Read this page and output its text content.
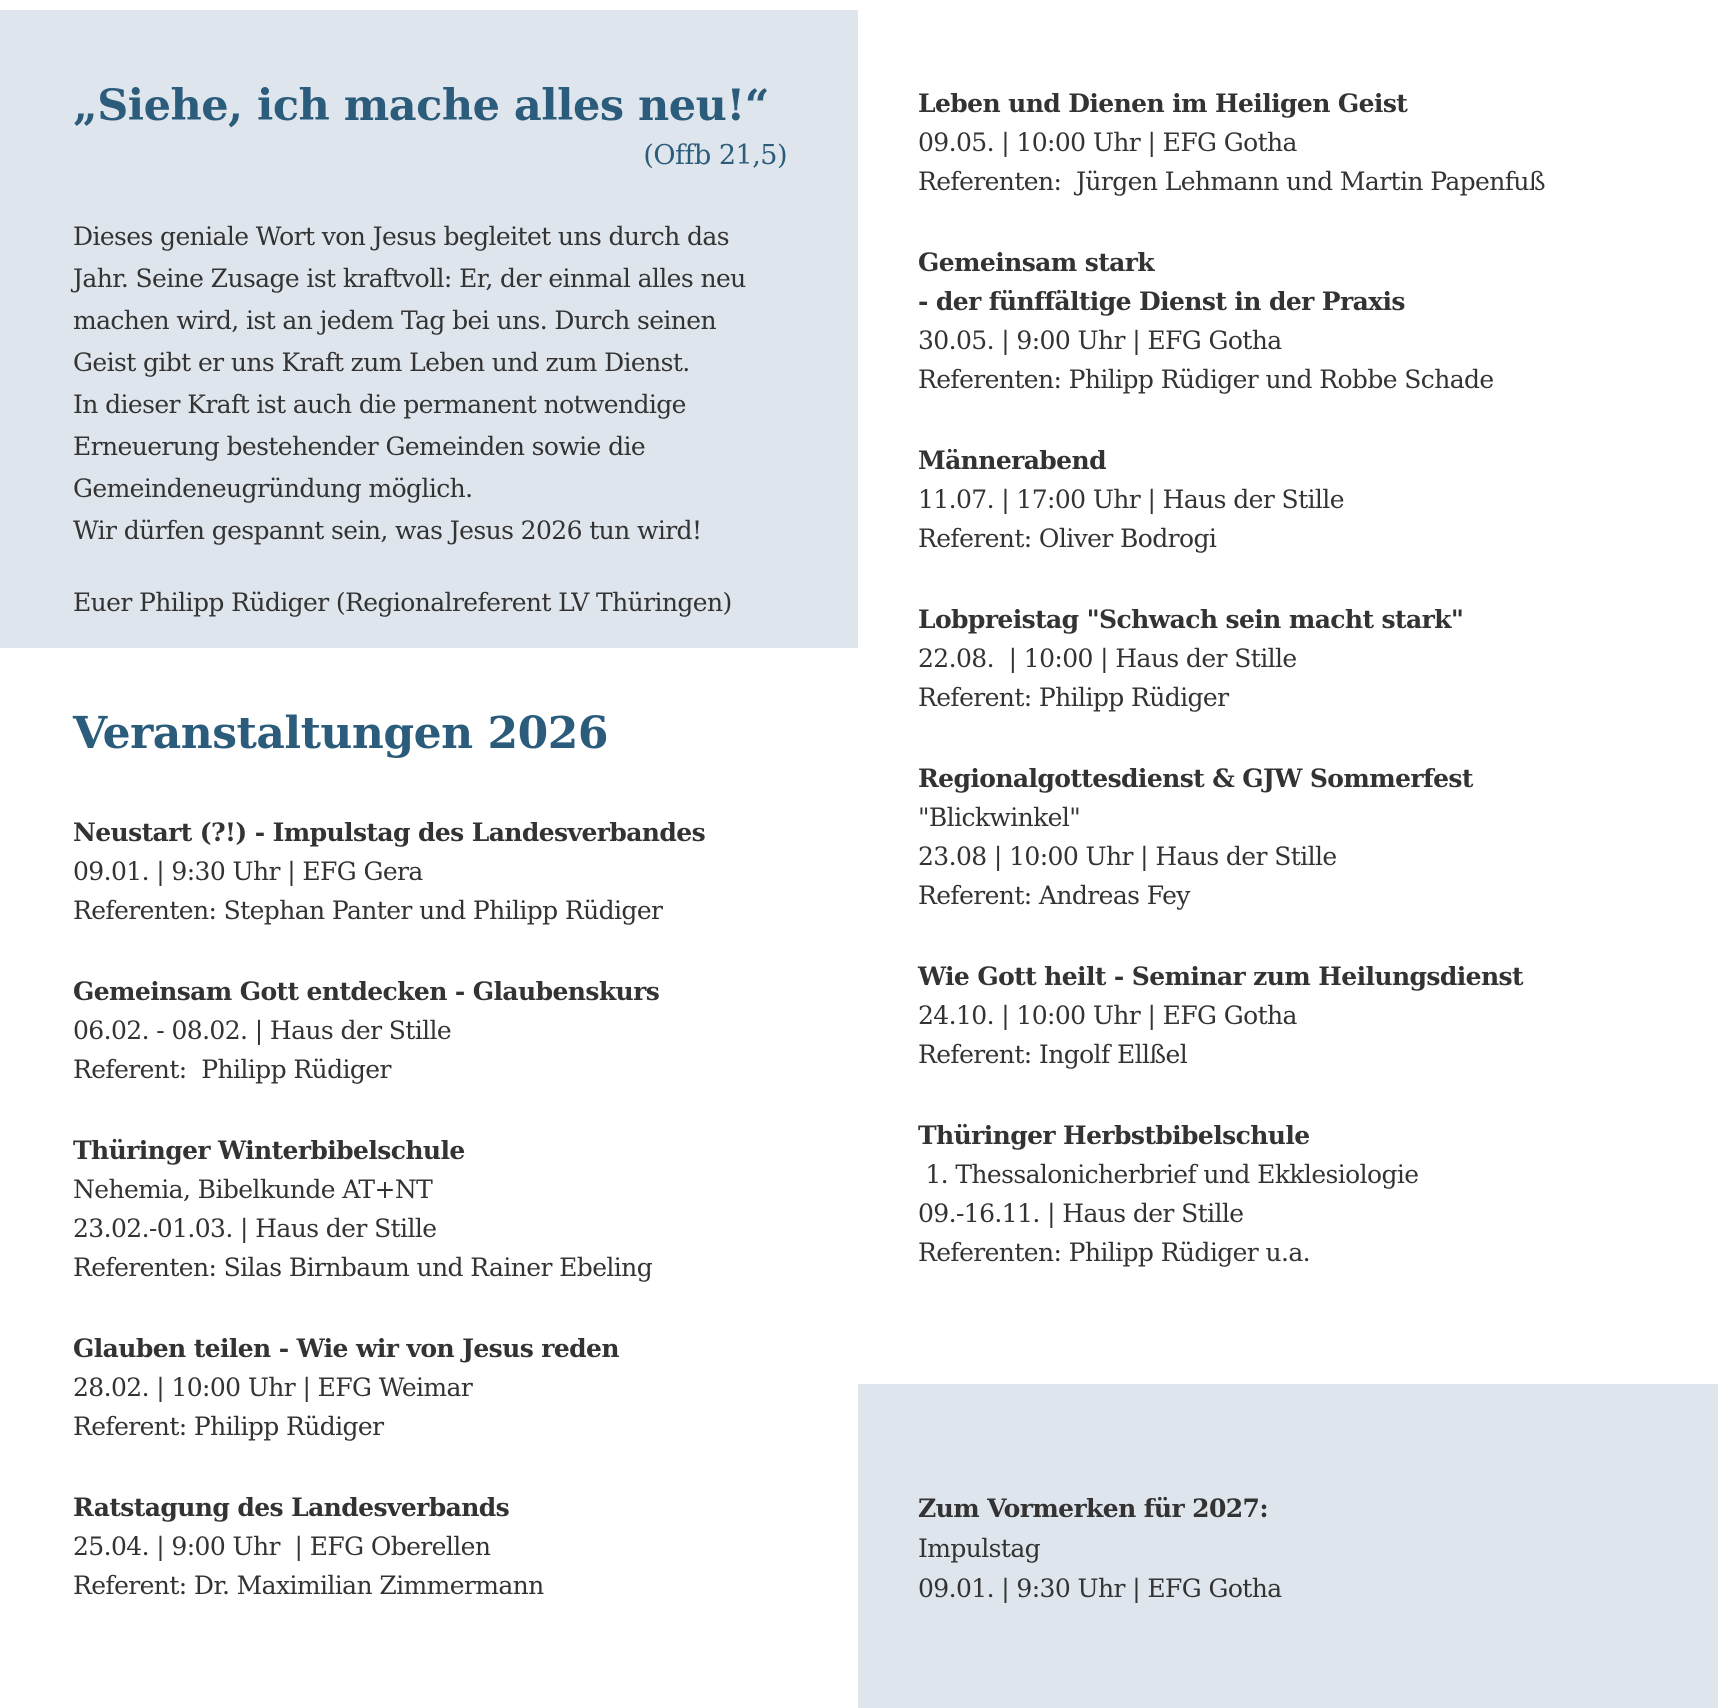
„Siehe, ich mache alles neu!“
(Offb 21,5)
Dieses geniale Wort von Jesus begleitet uns durch das
Jahr. Seine Zusage ist kraftvoll: Er, der einmal alles neu
machen wird, ist an jedem Tag bei uns. Durch seinen
Geist gibt er uns Kraft zum Leben und zum Dienst.
In dieser Kraft ist auch die permanent notwendige
Erneuerung bestehender Gemeinden sowie die
Gemeindeneugründung möglich.
Wir dürfen gespannt sein, was Jesus 2026 tun wird!
Euer Philipp Rüdiger (Regionalreferent LV Thüringen)
Veranstaltungen 2026
Neustart (?!) - Impulstag des Landesverbandes
09.01. | 9:30 Uhr | EFG Gera
Referenten: Stephan Panter und Philipp Rüdiger
Gemeinsam Gott entdecken - Glaubenskurs
06.02. - 08.02. | Haus der Stille
Referent:  Philipp Rüdiger
Thüringer Winterbibelschule
Nehemia, Bibelkunde AT+NT
23.02.-01.03. | Haus der Stille
Referenten: Silas Birnbaum und Rainer Ebeling
Glauben teilen - Wie wir von Jesus reden
28.02. | 10:00 Uhr | EFG Weimar
Referent: Philipp Rüdiger
Ratstagung des Landesverbands
25.04. | 9:00 Uhr  | EFG Oberellen
Referent: Dr. Maximilian Zimmermann
Leben und Dienen im Heiligen Geist
09.05. | 10:00 Uhr | EFG Gotha
Referenten:  Jürgen Lehmann und Martin Papenfuß
Gemeinsam stark
- der fünffältige Dienst in der Praxis
30.05. | 9:00 Uhr | EFG Gotha
Referenten: Philipp Rüdiger und Robbe Schade
Männerabend
11.07. | 17:00 Uhr | Haus der Stille
Referent: Oliver Bodrogi
Lobpreistag "Schwach sein macht stark"
22.08.  | 10:00 | Haus der Stille
Referent: Philipp Rüdiger
Regionalgottesdienst & GJW Sommerfest
"Blickwinkel"
23.08 | 10:00 Uhr | Haus der Stille
Referent: Andreas Fey
Wie Gott heilt - Seminar zum Heilungsdienst
24.10. | 10:00 Uhr | EFG Gotha
Referent: Ingolf Ellßel
Thüringer Herbstbibelschule
1. Thessalonicherbrief und Ekklesiologie
09.-16.11. | Haus der Stille
Referenten: Philipp Rüdiger u.a.
Zum Vormerken für 2027:
Impulstag
09.01. | 9:30 Uhr | EFG Gotha
